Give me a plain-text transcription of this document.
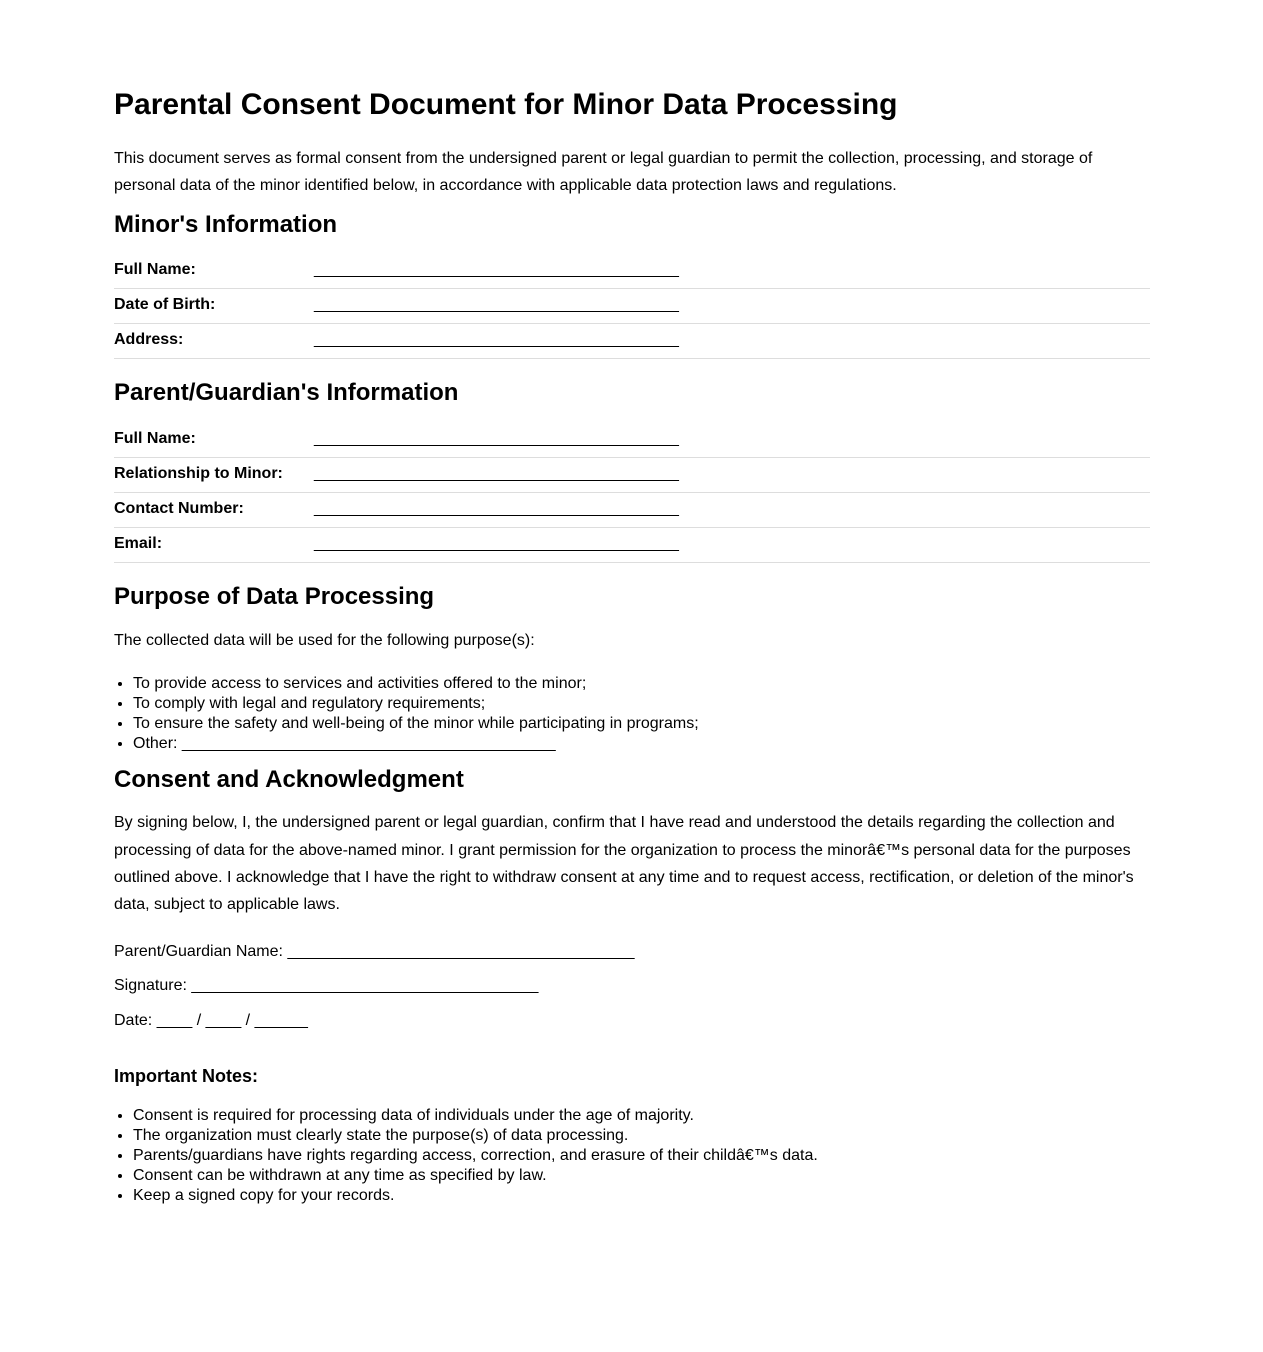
Parental Consent Document for Minor Data Processing

This document serves as formal consent from the undersigned parent or legal guardian to permit the collection, processing, and storage of personal data of the minor identified below, in accordance with applicable data protection laws and regulations.

Minor's Information
Full Name:	_________________________________________
Date of Birth:	_________________________________________
Address:	_________________________________________
Parent/Guardian's Information
Full Name:	_________________________________________
Relationship to Minor:	_________________________________________
Contact Number:	_________________________________________
Email:	_________________________________________
Purpose of Data Processing

The collected data will be used for the following purpose(s):

• To provide access to services and activities offered to the minor;
• To comply with legal and regulatory requirements;
• To ensure the safety and well-being of the minor while participating in programs;
• Other: __________________________________________
Consent and Acknowledgment

By signing below, I, the undersigned parent or legal guardian, confirm that I have read and understood the details regarding the collection and processing of data for the above-named minor. I grant permission for the organization to process the minorâ€™s personal data for the purposes outlined above. I acknowledge that I have the right to withdraw consent at any time and to request access, rectification, or deletion of the minor's data, subject to applicable laws.

Parent/Guardian Name: _______________________________________

Signature: _______________________________________

Date: ____ / ____ / ______

Important Notes:
• Consent is required for processing data of individuals under the age of majority.
• The organization must clearly state the purpose(s) of data processing.
• Parents/guardians have rights regarding access, correction, and erasure of their childâ€™s data.
• Consent can be withdrawn at any time as specified by law.
• Keep a signed copy for your records.
